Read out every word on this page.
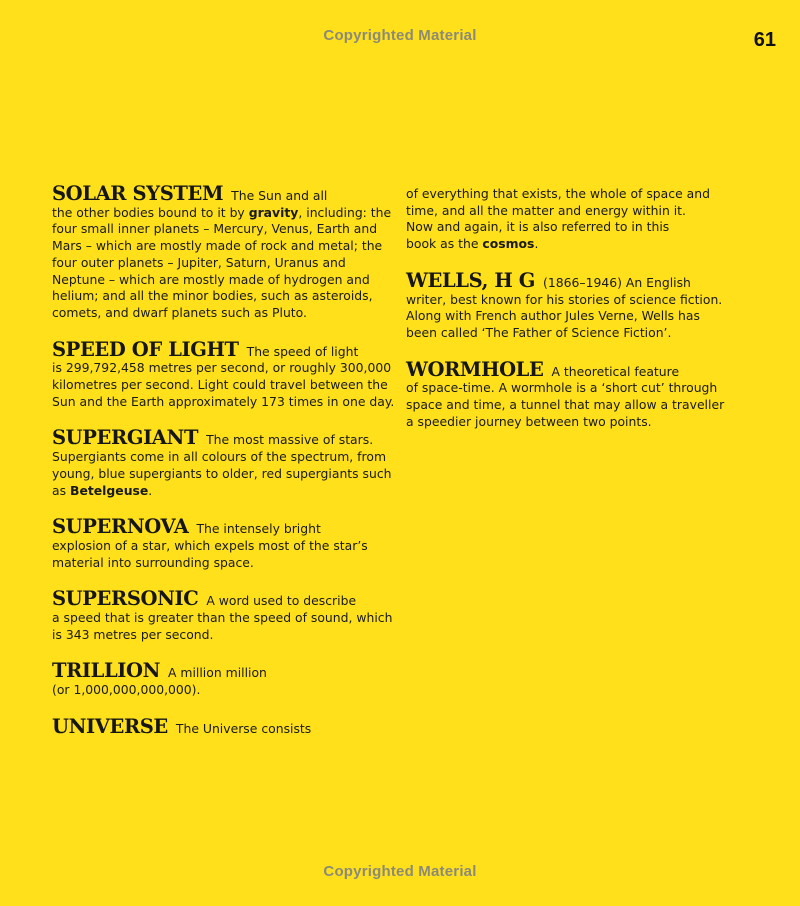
Copyrighted Material	61
SOLAR SYSTEM The Sun and all
the other bodies bound to it by gravity, including: the
four small inner planets – Mercury, Venus, Earth and
Mars – which are mostly made of rock and metal; the
four outer planets – Jupiter, Saturn, Uranus and
Neptune – which are mostly made of hydrogen and
helium; and all the minor bodies, such as asteroids,
comets, and dwarf planets such as Pluto.
SPEED OF LIGHT The speed of light
is 299,792,458 metres per second, or roughly 300,000
kilometres per second. Light could travel between the
Sun and the Earth approximately 173 times in one day.
SUPERGIANT The most massive of stars.
Supergiants come in all colours of the spectrum, from
young, blue supergiants to older, red supergiants such
as Betelgeuse.
SUPERNOVA The intensely bright
explosion of a star, which expels most of the star’s
material into surrounding space.
SUPERSONIC A word used to describe
a speed that is greater than the speed of sound, which
is 343 metres per second.
TRILLION A million million
(or 1,000,000,000,000).
UNIVERSE The Universe consists
of everything that exists, the whole of space and
time, and all the matter and energy within it.
Now and again, it is also referred to in this
book as the cosmos.
WELLS, H G (1866–1946) An English
writer, best known for his stories of science fiction.
Along with French author Jules Verne, Wells has
been called ‘The Father of Science Fiction’.
WORMHOLE A theoretical feature
of space-time. A wormhole is a ‘short cut’ through
space and time, a tunnel that may allow a traveller
a speedier journey between two points.
Copyrighted Material
